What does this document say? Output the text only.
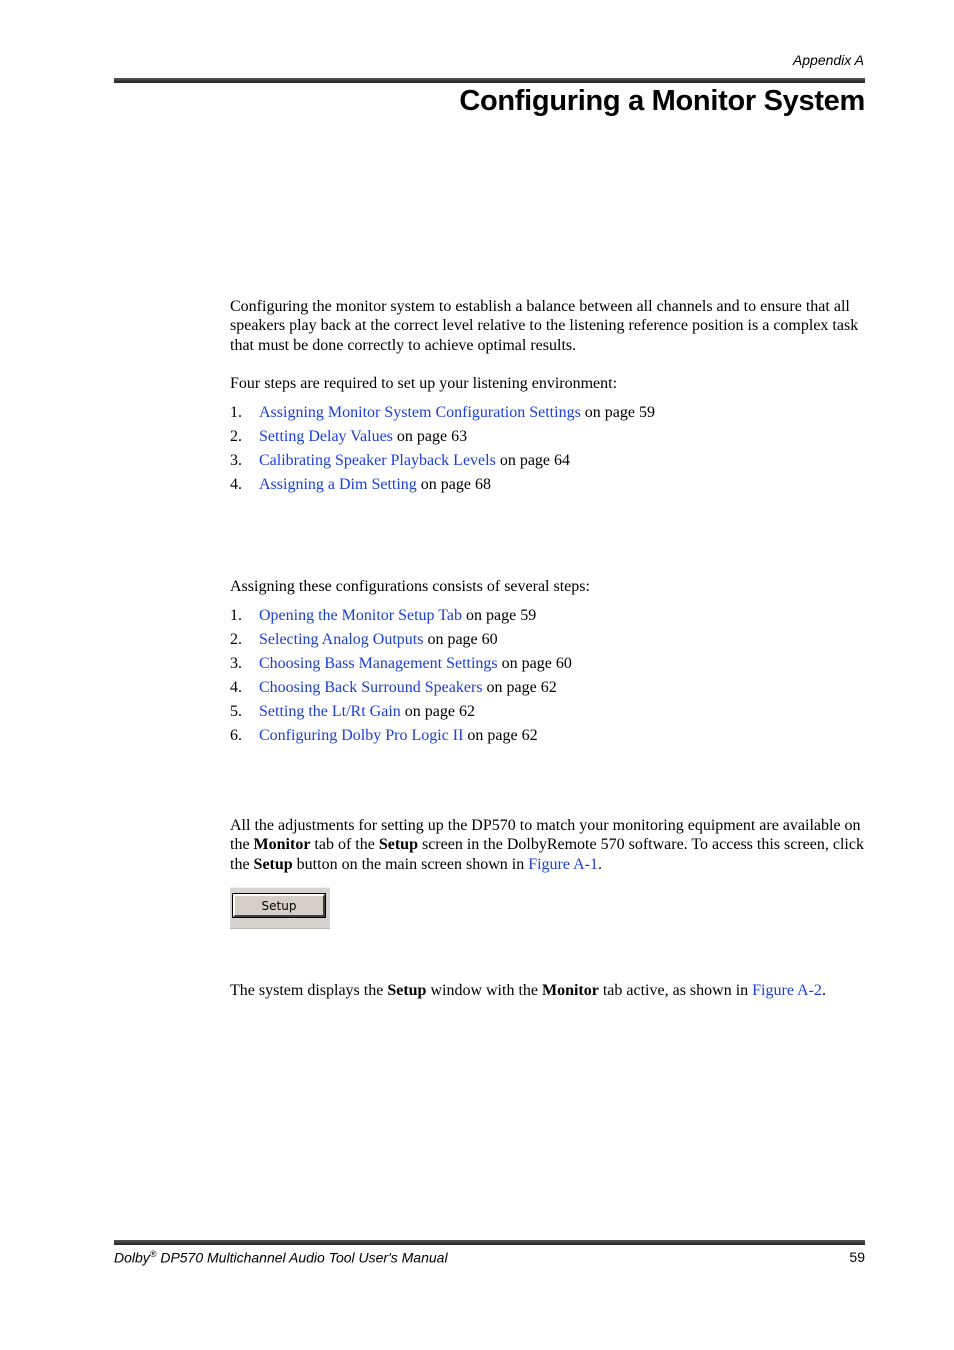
Appendix A
Configuring a Monitor System

Configuring the monitor system to establish a balance between all channels and to ensure that all speakers play back at the correct level relative to the listening reference position is a complex task that must be done correctly to achieve optimal results.

Four steps are required to set up your listening environment:

1. Assigning Monitor System Configuration Settings on page 59
2. Setting Delay Values on page 63
3. Calibrating Speaker Playback Levels on page 64
4. Assigning a Dim Setting on page 68

Assigning these configurations consists of several steps:

1. Opening the Monitor Setup Tab on page 59
2. Selecting Analog Outputs on page 60
3. Choosing Bass Management Settings on page 60
4. Choosing Back Surround Speakers on page 62
5. Setting the Lt/Rt Gain on page 62
6. Configuring Dolby Pro Logic II on page 62

All the adjustments for setting up the DP570 to match your monitoring equipment are available on the Monitor tab of the Setup screen in the DolbyRemote 570 software. To access this screen, click the Setup button on the main screen shown in Figure A-1.

Setup

The system displays the Setup window with the Monitor tab active, as shown in Figure A-2.

Dolby® DP570 Multichannel Audio Tool User's Manual	59
